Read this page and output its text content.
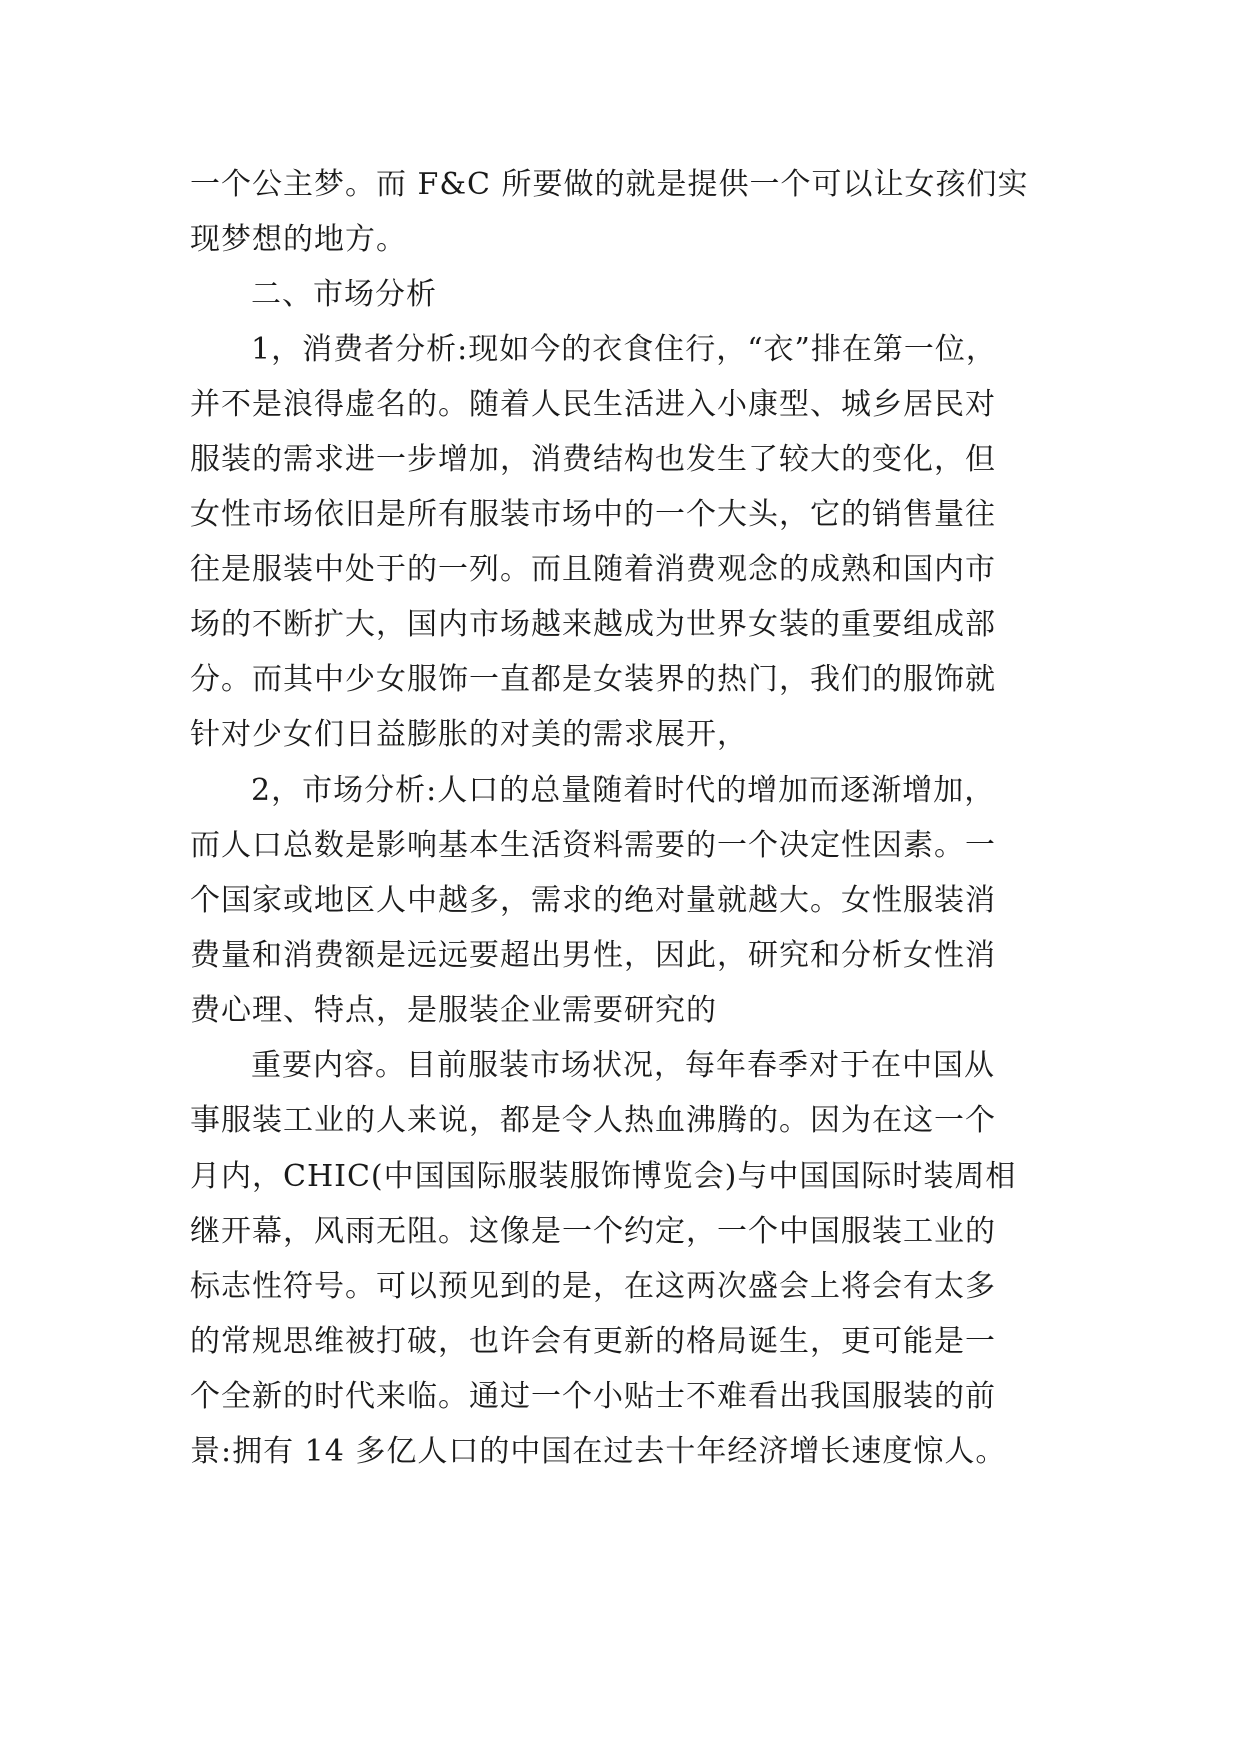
一个公主梦。而 F&C 所要做的就是提供一个可以让女孩们实
现梦想的地方。
二、市场分析
1，消费者分析:现如今的衣食住行，“衣”排在第一位，
并不是浪得虚名的。随着人民生活进入小康型、城乡居民对
服装的需求进一步增加，消费结构也发生了较大的变化，但
女性市场依旧是所有服装市场中的一个大头，它的销售量往
往是服装中处于的一列。而且随着消费观念的成熟和国内市
场的不断扩大，国内市场越来越成为世界女装的重要组成部
分。而其中少女服饰一直都是女装界的热门，我们的服饰就
针对少女们日益膨胀的对美的需求展开，
2，市场分析:人口的总量随着时代的增加而逐渐增加，
而人口总数是影响基本生活资料需要的一个决定性因素。一
个国家或地区人中越多，需求的绝对量就越大。女性服装消
费量和消费额是远远要超出男性，因此，研究和分析女性消
费心理、特点，是服装企业需要研究的
重要内容。目前服装市场状况，每年春季对于在中国从
事服装工业的人来说，都是令人热血沸腾的。因为在这一个
月内，CHIC(中国国际服装服饰博览会)与中国国际时装周相
继开幕，风雨无阻。这像是一个约定，一个中国服装工业的
标志性符号。可以预见到的是，在这两次盛会上将会有太多
的常规思维被打破，也许会有更新的格局诞生，更可能是一
个全新的时代来临。通过一个小贴士不难看出我国服装的前
景:拥有 14 多亿人口的中国在过去十年经济增长速度惊人。
